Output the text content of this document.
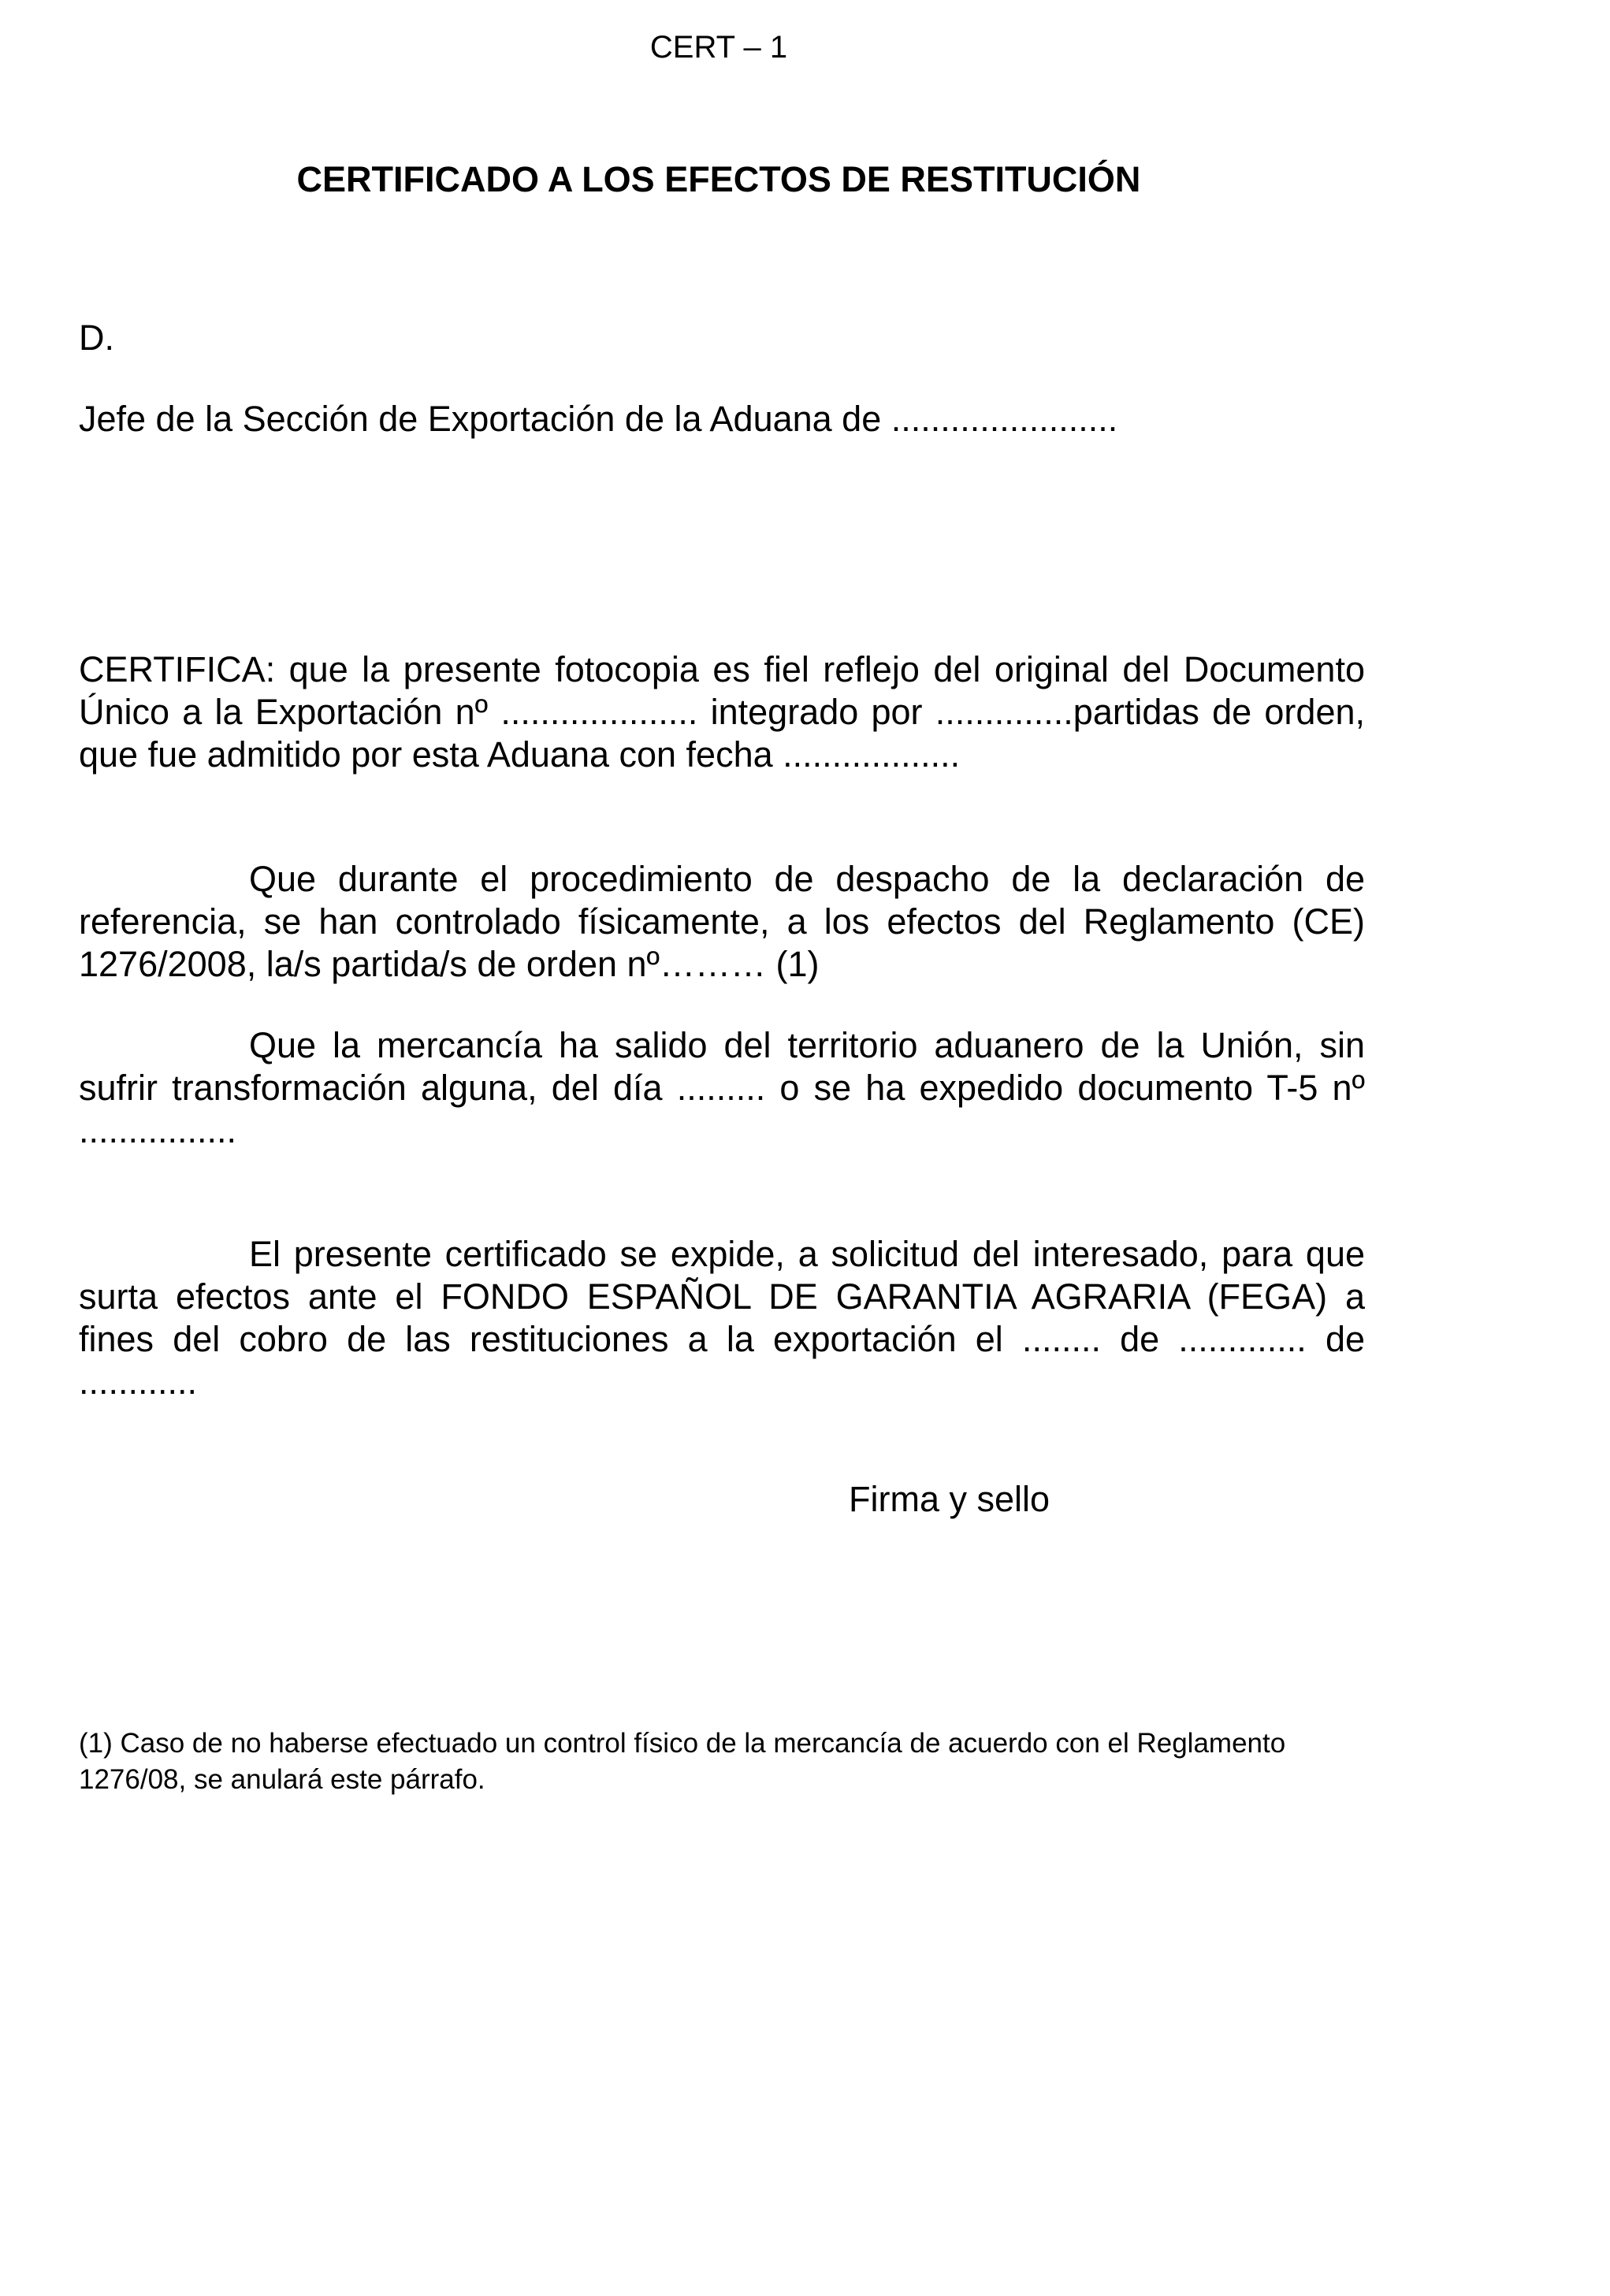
CERT – 1
CERTIFICADO A LOS EFECTOS DE RESTITUCIÓN

D.

Jefe de la Sección de Exportación de la Aduana de .......................

CERTIFICA: que la presente fotocopia es fiel reflejo del original del Documento Único a la Exportación nº .................... integrado por ..............partidas de orden, que fue admitido por esta Aduana con fecha ..................

Que durante el procedimiento de despacho de la declaración de referencia, se han controlado físicamente, a los efectos del Reglamento (CE) 1276/2008, la/s partida/s de orden nº……… (1)

Que la mercancía ha salido del territorio aduanero de la Unión, sin sufrir transformación alguna, del día ......... o se ha expedido documento T-5 nº ................

El presente certificado se expide, a solicitud del interesado, para que surta efectos ante el FONDO ESPAÑOL DE GARANTIA AGRARIA (FEGA) a fines del cobro de las restituciones a la exportación el ........ de ............. de ............

Firma y sello

(1) Caso de no haberse efectuado un control físico de la mercancía de acuerdo con el Reglamento 1276/08, se anulará este párrafo.
